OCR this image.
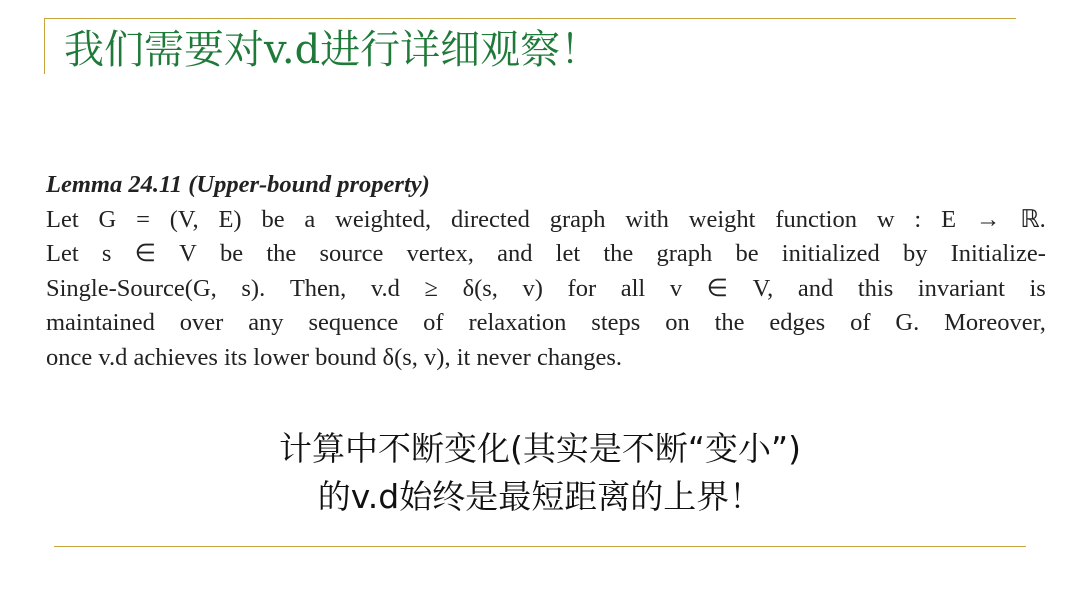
我们需要对v.d进行详细观察！
Lemma 24.11 (Upper-bound property)
Let G = (V, E) be a weighted, directed graph with weight function w : E → ℝ.
Let s ∈ V be the source vertex, and let the graph be initialized by Initialize-
Single-Source(G, s). Then, v.d ≥ δ(s, v) for all v ∈ V, and this invariant is
maintained over any sequence of relaxation steps on the edges of G. Moreover,
once v.d achieves its lower bound δ(s, v), it never changes.
计算中不断变化(其实是不断“变小”)
的v.d始终是最短距离的上界！
